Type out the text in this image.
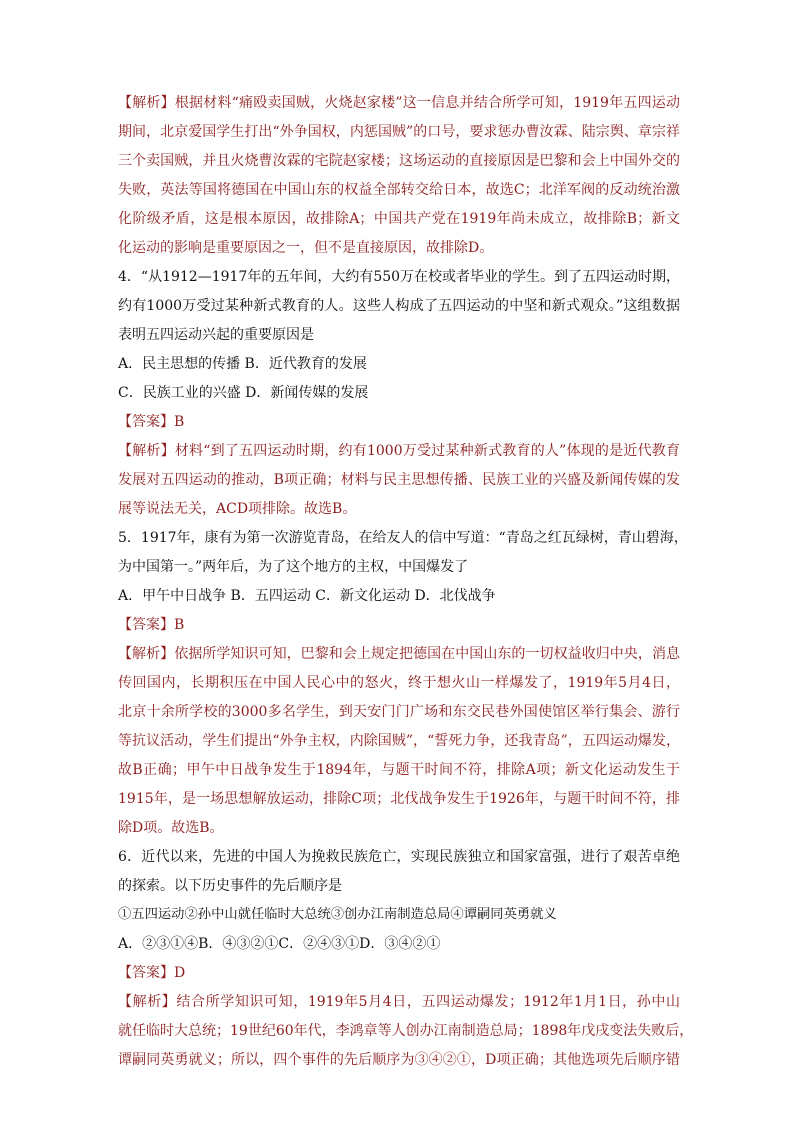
【解析】根据材料“痛殴卖国贼，火烧赵家楼”这一信息并结合所学可知，1919年五四运动
期间，北京爱国学生打出“外争国权，内惩国贼”的口号，要求惩办曹汝霖、陆宗舆、章宗祥
三个卖国贼，并且火烧曹汝霖的宅院赵家楼；这场运动的直接原因是巴黎和会上中国外交的
失败，英法等国将德国在中国山东的权益全部转交给日本，故选C；北洋军阀的反动统治激
化阶级矛盾，这是根本原因，故排除A；中国共产党在1919年尚未成立，故排除B；新文
化运动的影响是重要原因之一，但不是直接原因，故排除D。
4．“从1912—1917年的五年间，大约有550万在校或者毕业的学生。到了五四运动时期，
约有1000万受过某种新式教育的人。这些人构成了五四运动的中坚和新式观众。”这组数据
表明五四运动兴起的重要原因是
A．民主思想的传播 B．近代教育的发展
C．民族工业的兴盛 D．新闻传媒的发展
【答案】B
【解析】材料“到了五四运动时期，约有1000万受过某种新式教育的人”体现的是近代教育
发展对五四运动的推动，B项正确；材料与民主思想传播、民族工业的兴盛及新闻传媒的发
展等说法无关，ACD项排除。故选B。
5．1917年，康有为第一次游览青岛，在给友人的信中写道：“青岛之红瓦绿树，青山碧海，
为中国第一。”两年后，为了这个地方的主权，中国爆发了
A．甲午中日战争 B．五四运动 C．新文化运动 D．北伐战争
【答案】B
【解析】依据所学知识可知，巴黎和会上规定把德国在中国山东的一切权益收归中央，消息
传回国内，长期积压在中国人民心中的怒火，终于想火山一样爆发了，1919年5月4日，
北京十余所学校的3000多名学生，到天安门门广场和东交民巷外国使馆区举行集会、游行
等抗议活动，学生们提出“外争主权，内除国贼”，“誓死力争，还我青岛”，五四运动爆发，
故B正确；甲午中日战争发生于1894年，与题干时间不符，排除A项；新文化运动发生于
1915年，是一场思想解放运动，排除C项；北伐战争发生于1926年，与题干时间不符，排
除D项。故选B。
6．近代以来，先进的中国人为挽救民族危亡，实现民族独立和国家富强，进行了艰苦卓绝
的探索。以下历史事件的先后顺序是
①五四运动②孙中山就任临时大总统③创办江南制造总局④谭嗣同英勇就义
A．②③①④B．④③②①C．②④③①D．③④②①
【答案】D
【解析】结合所学知识可知，1919年5月4日，五四运动爆发；1912年1月1日，孙中山
就任临时大总统；19世纪60年代，李鸿章等人创办江南制造总局；1898年戊戌变法失败后，
谭嗣同英勇就义；所以，四个事件的先后顺序为③④②①，D项正确；其他选项先后顺序错
